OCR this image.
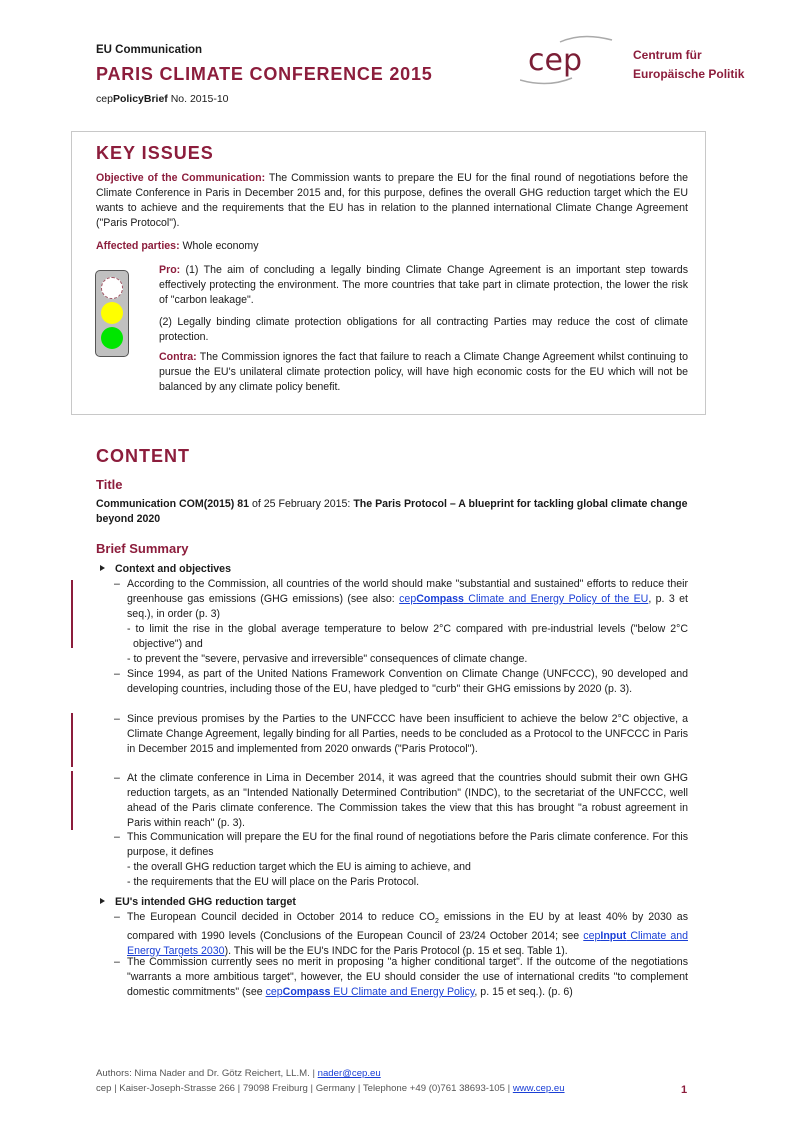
EU Communication
PARIS CLIMATE CONFERENCE 2015
cepPolicyBrief No. 2015-10
cep	Centrum für
Europäische Politik
KEY ISSUES
Objective of the Communication: The Commission wants to prepare the EU for the final round of negotiations before the Climate Conference in Paris in December 2015 and, for this purpose, defines the overall GHG reduction target which the EU wants to achieve and the requirements that the EU has in relation to the planned international Climate Change Agreement ("Paris Protocol").
Affected parties: Whole economy
Pro: (1) The aim of concluding a legally binding Climate Change Agreement is an important step towards effectively protecting the environment. The more countries that take part in climate protection, the lower the risk of "carbon leakage".
(2) Legally binding climate protection obligations for all contracting Parties may reduce the cost of climate protection.
Contra: The Commission ignores the fact that failure to reach a Climate Change Agreement whilst continuing to pursue the EU's unilateral climate protection policy, will have high economic costs for the EU which will not be balanced by any climate policy benefit.
CONTENT
Title
Communication COM(2015) 81 of 25 February 2015: The Paris Protocol – A blueprint for tackling global climate change beyond 2020
Brief Summary
Context and objectives
– According to the Commission, all countries of the world should make "substantial and sustained" efforts to reduce their greenhouse gas emissions (GHG emissions) (see also: cepCompass Climate and Energy Policy of the EU, p. 3 et seq.), in order (p. 3)
- to limit the rise in the global average temperature to below 2°C compared with pre-industrial levels ("below 2°C objective") and
- to prevent the "severe, pervasive and irreversible" consequences of climate change.
– Since 1994, as part of the United Nations Framework Convention on Climate Change (UNFCCC), 90 developed and developing countries, including those of the EU, have pledged to "curb" their GHG emissions by 2020 (p. 3).
– Since previous promises by the Parties to the UNFCCC have been insufficient to achieve the below 2°C objective, a Climate Change Agreement, legally binding for all Parties, needs to be concluded as a Protocol to the UNFCCC in Paris in December 2015 and implemented from 2020 onwards ("Paris Protocol").
– At the climate conference in Lima in December 2014, it was agreed that the countries should submit their own GHG reduction targets, as an "Intended Nationally Determined Contribution" (INDC), to the secretariat of the UNFCCC, well ahead of the Paris climate conference. The Commission takes the view that this has brought "a robust agreement in Paris within reach" (p. 3).
– This Communication will prepare the EU for the final round of negotiations before the Paris climate conference. For this purpose, it defines
- the overall GHG reduction target which the EU is aiming to achieve, and
- the requirements that the EU will place on the Paris Protocol.
EU's intended GHG reduction target
– The European Council decided in October 2014 to reduce $CO_2$ emissions in the EU by at least 40% by 2030 as compared with 1990 levels (Conclusions of the European Council of 23/24 October 2014; see cepInput Climate and Energy Targets 2030). This will be the EU's INDC for the Paris Protocol (p. 15 et seq. Table 1).
– The Commission currently sees no merit in proposing "a higher conditional target". If the outcome of the negotiations "warrants a more ambitious target", however, the EU should consider the use of international credits "to complement domestic commitments" (see cepCompass EU Climate and Energy Policy, p. 15 et seq.). (p. 6)
Authors: Nima Nader and Dr. Götz Reichert, LL.M. | nader@cep.eu
cep | Kaiser-Joseph-Strasse 266 | 79098 Freiburg | Germany | Telephone +49 (0)761 38693-105 | www.cep.eu	1
